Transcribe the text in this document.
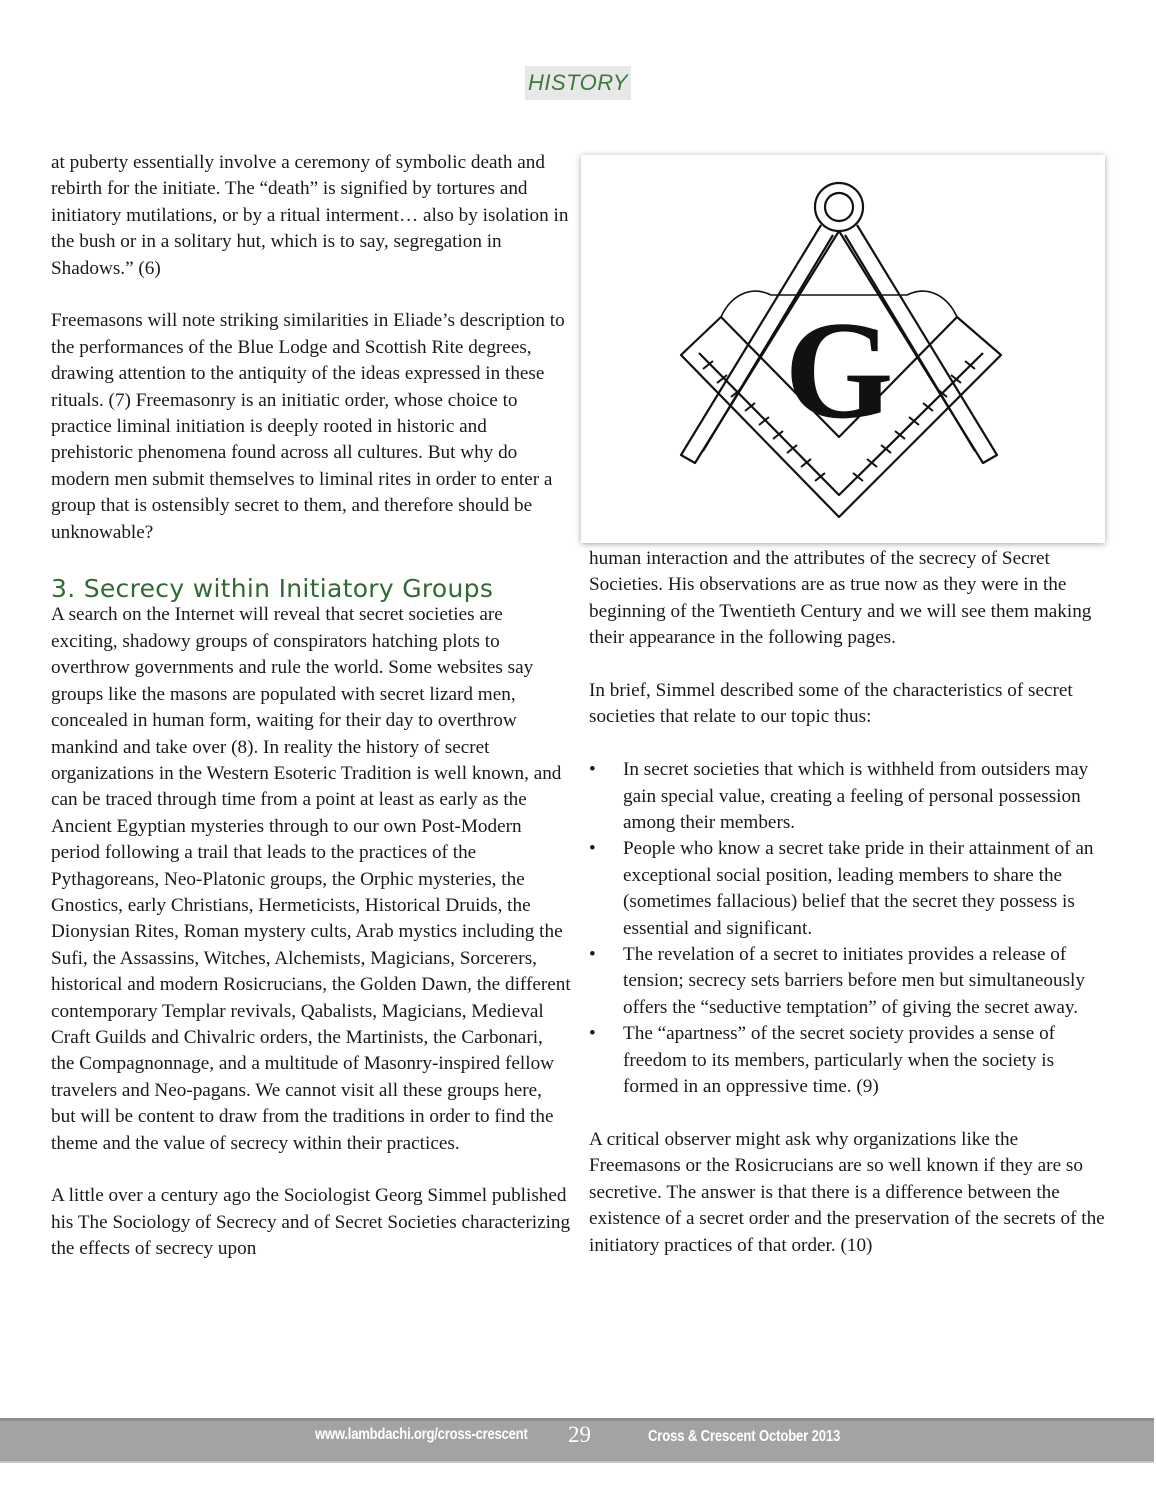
HISTORY

at puberty essentially involve a ceremony of symbolic death and rebirth for the initiate. The “death” is signified by tortures and initiatory mutilations, or by a ritual interment… also by isolation in the bush or in a solitary hut, which is to say, segregation in Shadows.” (6)

Freemasons will note striking similarities in Eliade’s description to the performances of the Blue Lodge and Scottish Rite degrees, drawing attention to the antiquity of the ideas expressed in these rituals. (7) Freemasonry is an initiatic order, whose choice to practice liminal initiation is deeply rooted in historic and prehistoric phenomena found across all cultures. But why do modern men submit themselves to liminal rites in order to enter a group that is ostensibly secret to them, and therefore should be unknowable?

3. Secrecy within Initiatory Groups

A search on the Internet will reveal that secret societies are exciting, shadowy groups of conspirators hatching plots to overthrow governments and rule the world. Some websites say groups like the masons are populated with secret lizard men, concealed in human form, waiting for their day to overthrow mankind and take over (8). In reality the history of secret organizations in the Western Esoteric Tradition is well known, and can be traced through time from a point at least as early as the Ancient Egyptian mysteries through to our own Post-Modern period following a trail that leads to the practices of the Pythagoreans, Neo-Platonic groups, the Orphic mysteries, the Gnostics, early Christians, Hermeticists, Historical Druids, the Dionysian Rites, Roman mystery cults, Arab mystics including the Sufi, the Assassins, Witches, Alchemists, Magicians, Sorcerers, historical and modern Rosicrucians, the Golden Dawn, the different contemporary Templar revivals, Qabalists, Magicians, Medieval Craft Guilds and Chivalric orders, the Martinists, the Carbonari, the Compagnonnage, and a multitude of Masonry-inspired fellow travelers and Neo-pagans. We cannot visit all these groups here, but will be content to draw from the traditions in order to find the theme and the value of secrecy within their practices.

A little over a century ago the Sociologist Georg Simmel published his The Sociology of Secrecy and of Secret Societies characterizing the effects of secrecy upon

G

human interaction and the attributes of the secrecy of Secret Societies. His observations are as true now as they were in the beginning of the Twentieth Century and we will see them making their appearance in the following pages.

In brief, Simmel described some of the characteristics of secret societies that relate to our topic thus:

• In secret societies that which is withheld from outsiders may gain special value, creating a feeling of personal possession among their members.
• People who know a secret take pride in their attainment of an exceptional social position, leading members to share the (sometimes fallacious) belief that the secret they possess is essential and significant.
• The revelation of a secret to initiates provides a release of tension; secrecy sets barriers before men but simultaneously offers the “seductive temptation” of giving the secret away.
• The “apartness” of the secret society provides a sense of freedom to its members, particularly when the society is formed in an oppressive time. (9)

A critical observer might ask why organizations like the Freemasons or the Rosicrucians are so well known if they are so secretive. The answer is that there is a difference between the existence of a secret order and the preservation of the secrets of the initiatory practices of that order. (10)

www.lambdachi.org/cross-crescent 29	Cross & Crescent October 2013
